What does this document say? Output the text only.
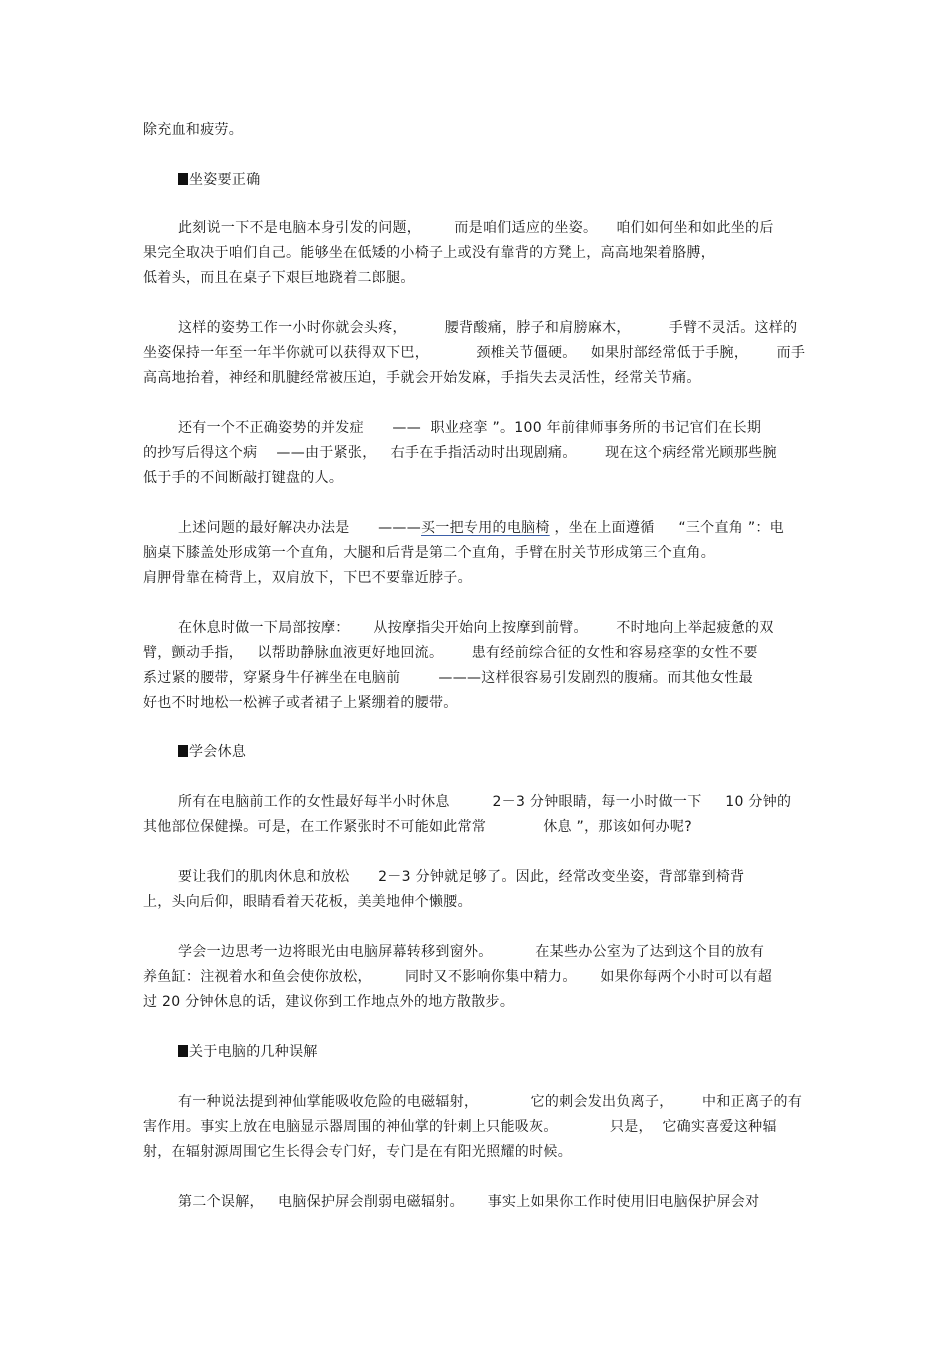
除充血和疲劳。
坐姿要正确
此刻说一下不是电脑本身引发的问题，       而是咱们适应的坐姿。    咱们如何坐和如此坐的后
果完全取决于咱们自己。能够坐在低矮的小椅子上或没有靠背的方凳上，高高地架着胳膊，
低着头，而且在桌子下艰巨地跷着二郎腿。
这样的姿势工作一小时你就会头疼，        腰背酸痛，脖子和肩膀麻木，        手臂不灵活。这样的
坐姿保持一年至一年半你就可以获得双下巴，          颈椎关节僵硬。   如果肘部经常低于手腕，      而手
高高地抬着，神经和肌腱经常被压迫，手就会开始发麻，手指失去灵活性，经常关节痛。
还有一个不正确姿势的并发症      ——  职业痉挛 ”。100 年前律师事务所的书记官们在长期
的抄写后得这个病    ——由于紧张，   右手在手指活动时出现剧痛。      现在这个病经常光顾那些腕
低于手的不间断敲打键盘的人。
上述问题的最好解决办法是      ———买一把专用的电脑椅 ，坐在上面遵循     “三个直角 ”：电
脑桌下膝盖处形成第一个直角，大腿和后背是第二个直角，手臂在肘关节形成第三个直角。
肩胛骨靠在椅背上，双肩放下，下巴不要靠近脖子。
在休息时做一下局部按摩：     从按摩指尖开始向上按摩到前臂。      不时地向上举起疲惫的双
臂，颤动手指，   以帮助静脉血液更好地回流。      患有经前综合征的女性和容易痉挛的女性不要
系过紧的腰带，穿紧身牛仔裤坐在电脑前        ———这样很容易引发剧烈的腹痛。而其他女性最
好也不时地松一松裤子或者裙子上紧绷着的腰带。
学会休息
所有在电脑前工作的女性最好每半小时休息         2－3 分钟眼睛，每一小时做一下     10 分钟的
其他部位保健操。可是，在工作紧张时不可能如此常常            休息 ”，那该如何办呢?
要让我们的肌肉休息和放松      2－3 分钟就足够了。因此，经常改变坐姿，背部靠到椅背
上，头向后仰，眼睛看着天花板，美美地伸个懒腰。
学会一边思考一边将眼光由电脑屏幕转移到窗外。         在某些办公室为了达到这个目的放有
养鱼缸：注视着水和鱼会使你放松，       同时又不影响你集中精力。     如果你每两个小时可以有超
过 20 分钟休息的话，建议你到工作地点外的地方散散步。
关于电脑的几种误解
有一种说法提到神仙掌能吸收危险的电磁辐射，           它的刺会发出负离子，      中和正离子的有
害作用。事实上放在电脑显示器周围的神仙掌的针刺上只能吸灰。           只是，  它确实喜爱这种辐
射，在辐射源周围它生长得会专门好，专门是在有阳光照耀的时候。
第二个误解，   电脑保护屏会削弱电磁辐射。     事实上如果你工作时使用旧电脑保护屏会对
